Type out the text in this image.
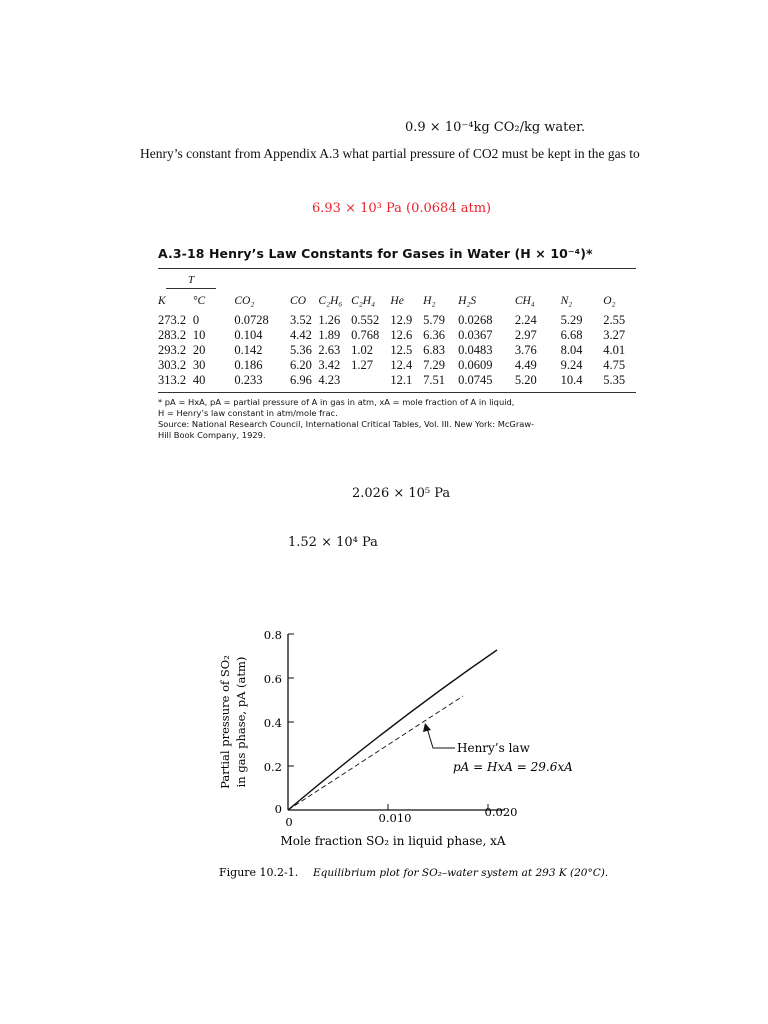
0.9 × 10⁻⁴kg CO₂/kg water.
Henry’s constant from Appendix A.3 what partial pressure of CO2 must be kept in the gas to
6.93 × 10³ Pa (0.0684 atm)
A.3-18 Henry’s Law Constants for Gases in Water (H × 10⁻⁴)*
T
K	°C	CO₂	CO	C₂H₆	C₂H₄	He	H₂	H₂S	CH₄	N₂	O₂
273.2	0	0.0728	3.52	1.26	0.552	12.9	5.79	0.0268	2.24	5.29	2.55
283.2	10	0.104	4.42	1.89	0.768	12.6	6.36	0.0367	2.97	6.68	3.27
293.2	20	0.142	5.36	2.63	1.02	12.5	6.83	0.0483	3.76	8.04	4.01
303.2	30	0.186	6.20	3.42	1.27	12.4	7.29	0.0609	4.49	9.24	4.75
313.2	40	0.233	6.96	4.23		12.1	7.51	0.0745	5.20	10.4	5.35
* pA = HxA, pA = partial pressure of A in gas in atm, xA = mole fraction of A in liquid,
H = Henry’s law constant in atm/mole frac.
Source: National Research Council, International Critical Tables, Vol. III. New York: McGraw-
Hill Book Company, 1929.
2.026 × 10⁵ Pa
1.52 × 10⁴ Pa
0.8
0.6
0.4
0.2
0
0	0.010	0.020
Partial pressure of SO₂ in gas phase, pA (atm)	Henry’s law
pA = HxA = 29.6xA
Mole fraction SO₂ in liquid phase, xA
Figure 10.2-1. Equilibrium plot for SO₂–water system at 293 K (20°C).
